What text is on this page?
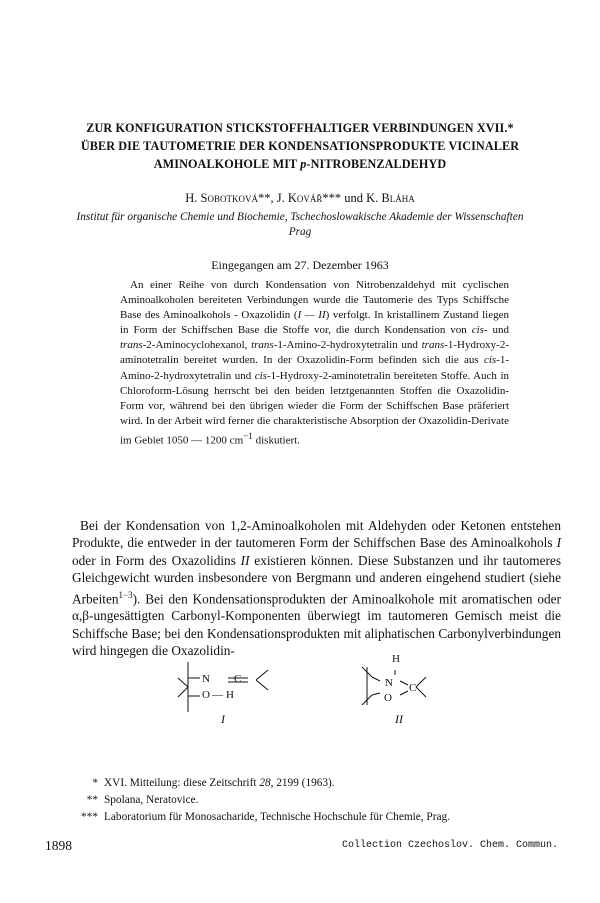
ZUR KONFIGURATION STICKSTOFFHALTIGER VERBINDUNGEN XVII.*
ÜBER DIE TAUTOMETRIE DER KONDENSATIONSPRODUKTE VICINALER
AMINOALKOHOLE MIT p-NITROBENZALDEHYD
H. Sobotková**, J. Kovář*** und K. Bláha
Institut für organische Chemie und Biochemie, Tschechoslowakische Akademie der Wissenschaften
Prag
Eingegangen am 27. Dezember 1963
An einer Reihe von durch Kondensation von Nitrobenzaldehyd mit cyclischen Aminoalkoholen bereiteten Verbindungen wurde die Tautomerie des Typs Schiffsche Base des Aminoalkohols - Oxazolidin (I — II) verfolgt. In kristallinem Zustand liegen in Form der Schiffschen Base die Stoffe vor, die durch Kondensation von cis- und trans-2-Aminocyclohexanol, trans-1-Amino-2-hydroxytetralin und trans-1-Hydroxy-2-aminotetralin bereitet wurden. In der Oxazolidin-Form befinden sich die aus cis-1-Amino-2-hydroxytetralin und cis-1-Hydroxy-2-aminotetralin bereiteten Stoffe. Auch in Chloroform-Lösung herrscht bei den beiden letztgenannten Stoffen die Oxazolidin-Form vor, während bei den übrigen wieder die Form der Schiffschen Base präferiert wird. In der Arbeit wird ferner die charakteristische Absorption der Oxazolidin-Derivate im Gebiet 1050 — 1200 $cm^{-1}$ diskutiert.
Bei der Kondensation von 1,2-Aminoalkoholen mit Aldehyden oder Ketonen entstehen Produkte, die entweder in der tautomeren Form der Schiffschen Base des Aminoalkohols I oder in Form des Oxazolidins II existieren können. Diese Substanzen und ihr tautomeres Gleichgewicht wurden insbesondere von Bergmann und anderen eingehend studiert (siehe Arbeiten$^{1-3}$). Bei den Kondensationsprodukten der Aminoalkohole mit aromatischen oder α,β-ungesättigten Carbonyl-Komponenten überwiegt im tautomeren Gemisch meist die Schiffsche Base; bei den Kondensationsprodukten mit aliphatischen Carbonylverbindungen wird hingegen die Oxazolidin-
N C
O — H
I
H
N C
O
II
* XVI. Mitteilung: diese Zeitschrift 28, 2199 (1963).
** Spolana, Neratovice.
*** Laboratorium für Monosacharide, Technische Hochschule für Chemie, Prag.
1898	Collection Czechoslov. Chem. Commun.
